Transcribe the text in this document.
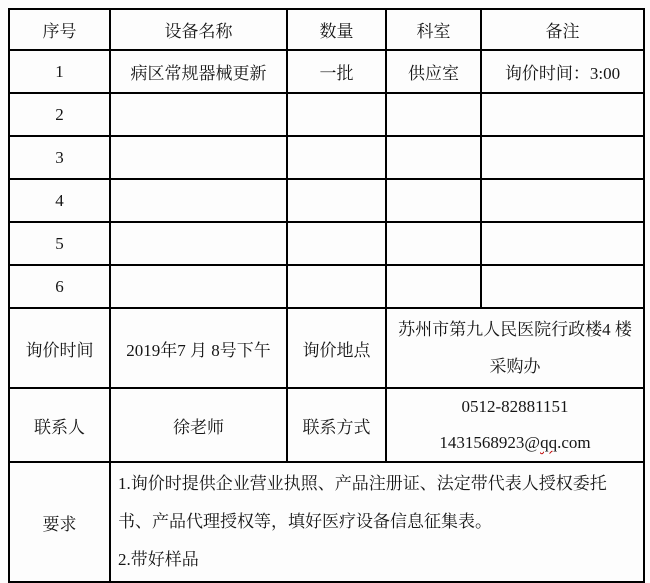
序号	设备名称	数量	科室	备注
1	病区常规器械更新	一批	供应室	询价时间：3:00
2				
3				
4				
5				
6				
询价时间	2019年7 月 8号下午	询价地点	苏州市第九人民医院行政楼4 楼
采购办	

联系人	徐老师	联系方式	0512-82881151
1431568923@qq.com	

要求	1.询价时提供企业营业执照、产品注册证、法定带代表人授权委托书、产品代理授权等，填好医疗设备信息征集表。
2.带好样品			
